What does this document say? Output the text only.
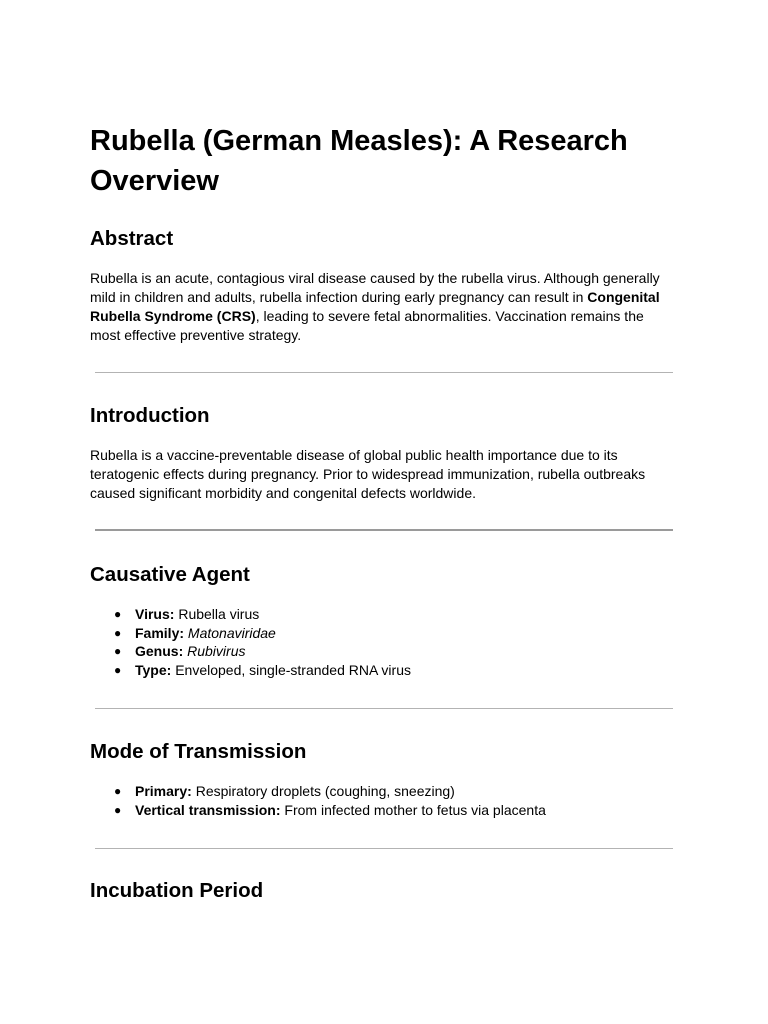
Rubella (German Measles): A Research Overview
Abstract

Rubella is an acute, contagious viral disease caused by the rubella virus. Although generally mild in children and adults, rubella infection during early pregnancy can result in Congenital Rubella Syndrome (CRS), leading to severe fetal abnormalities. Vaccination remains the most effective preventive strategy.

Introduction

Rubella is a vaccine-preventable disease of global public health importance due to its teratogenic effects during pregnancy. Prior to widespread immunization, rubella outbreaks caused significant morbidity and congenital defects worldwide.

Causative Agent
● Virus: Rubella virus
● Family: Matonaviridae
● Genus: Rubivirus
● Type: Enveloped, single-stranded RNA virus
Mode of Transmission
● Primary: Respiratory droplets (coughing, sneezing)
● Vertical transmission: From infected mother to fetus via placenta
Incubation Period
